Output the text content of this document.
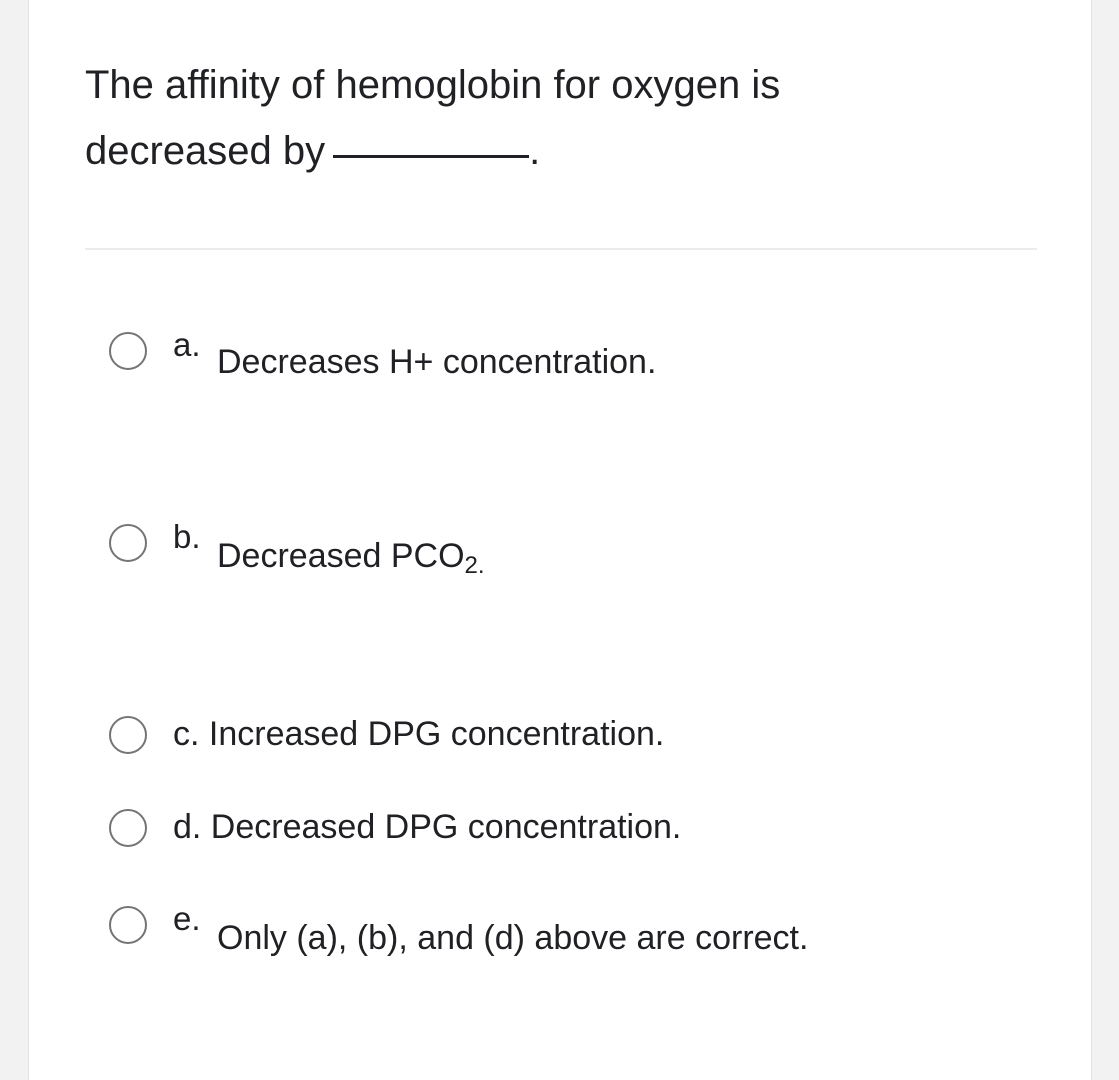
The affinity of hemoglobin for oxygen is
decreased by	.
a. Decreases H+ concentration.
b.
Decreased $PCO_{2.}$
c. Increased DPG concentration.
d. Decreased DPG concentration.
e.
Only (a), (b), and (d) above are correct.
